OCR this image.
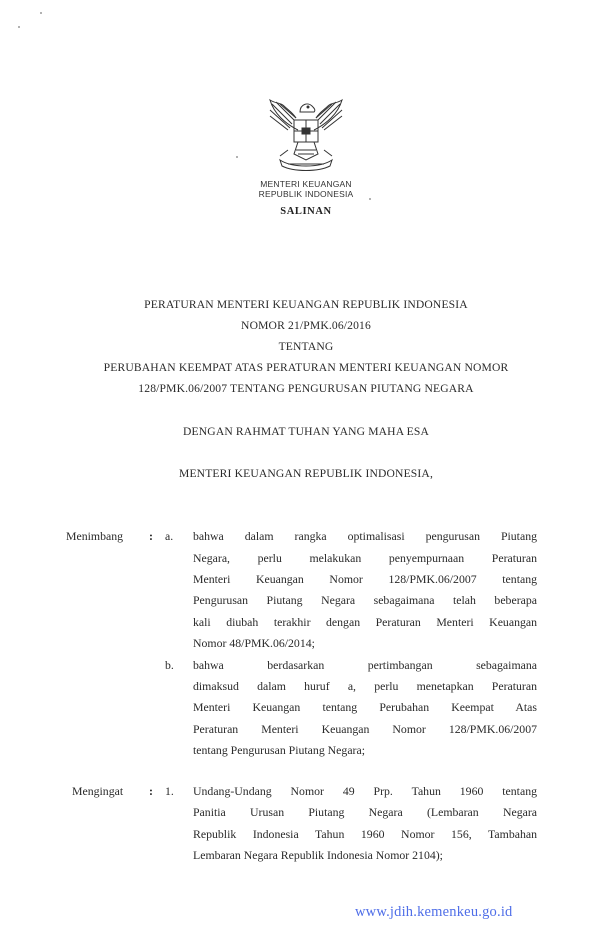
MENTERI KEUANGAN
REPUBLIK INDONESIA
SALINAN
PERATURAN MENTERI KEUANGAN REPUBLIK INDONESIA
NOMOR 21/PMK.06/2016
TENTANG
PERUBAHAN KEEMPAT ATAS PERATURAN MENTERI KEUANGAN NOMOR
128/PMK.06/2007 TENTANG PENGURUSAN PIUTANG NEGARA
DENGAN RAHMAT TUHAN YANG MAHA ESA
MENTERI KEUANGAN REPUBLIK INDONESIA,
Menimbang : a. bahwa dalam rangka optimalisasi pengurusan Piutang
Negara, perlu melakukan penyempurnaan Peraturan
Menteri Keuangan Nomor 128/PMK.06/2007 tentang
Pengurusan Piutang Negara sebagaimana telah beberapa
kali diubah terakhir dengan Peraturan Menteri Keuangan
Nomor 48/PMK.06/2014;
b. bahwa berdasarkan pertimbangan sebagaimana
dimaksud dalam huruf a, perlu menetapkan Peraturan
Menteri Keuangan tentang Perubahan Keempat Atas
Peraturan Menteri Keuangan Nomor 128/PMK.06/2007
tentang Pengurusan Piutang Negara;
Mengingat : 1. Undang-Undang Nomor 49 Prp. Tahun 1960 tentang
Panitia Urusan Piutang Negara (Lembaran Negara
Republik Indonesia Tahun 1960 Nomor 156, Tambahan
Lembaran Negara Republik Indonesia Nomor 2104);
www.jdih.kemenkeu.go.id
